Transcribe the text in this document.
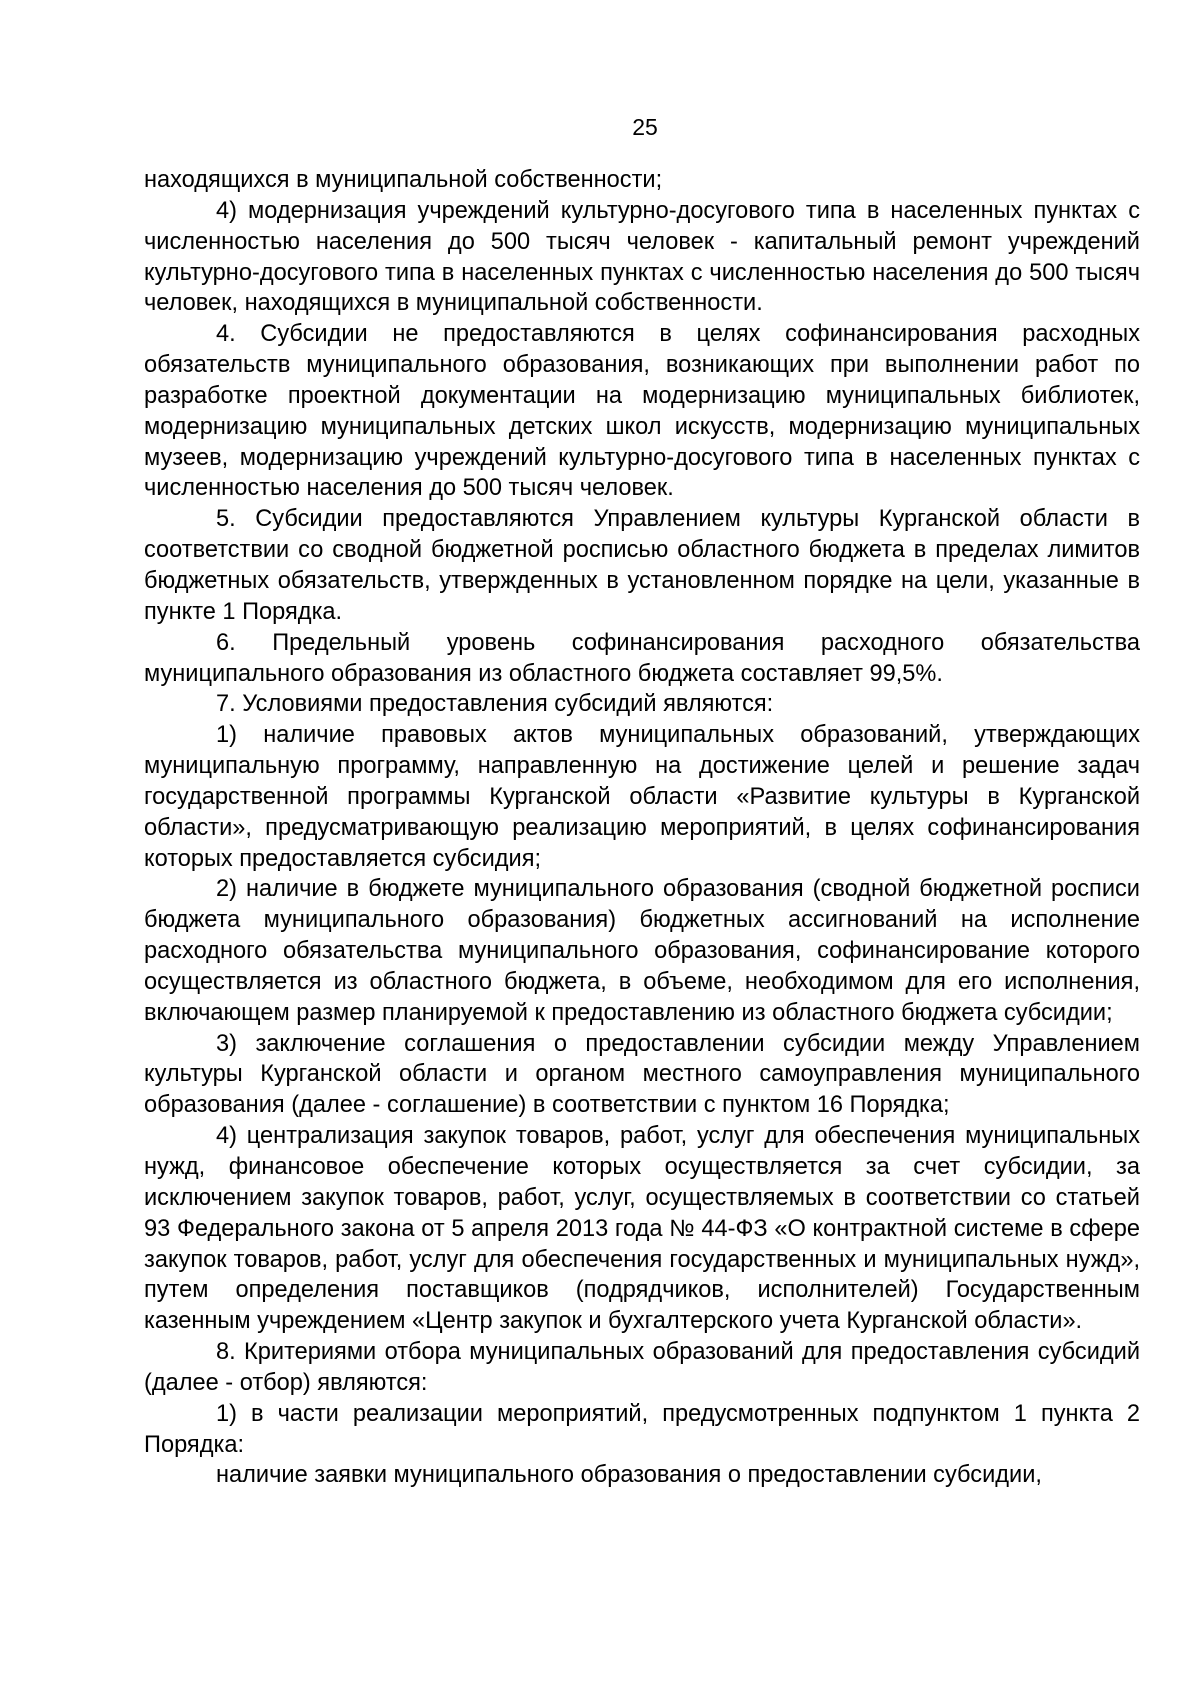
25

находящихся в муниципальной собственности;

4) модернизация учреждений культурно-досугового типа в населенных пунктах с численностью населения до 500 тысяч человек - капитальный ремонт учреждений культурно-досугового типа в населенных пунктах с численностью населения до 500 тысяч человек, находящихся в муниципальной собственности.

4. Субсидии не предоставляются в целях софинансирования расходных обязательств муниципального образования, возникающих при выполнении работ по разработке проектной документации на модернизацию муниципальных библиотек, модернизацию муниципальных детских школ искусств, модернизацию муниципальных музеев, модернизацию учреждений культурно-досугового типа в населенных пунктах с численностью населения до 500 тысяч человек.

5. Субсидии предоставляются Управлением культуры Курганской области в соответствии со сводной бюджетной росписью областного бюджета в пределах лимитов бюджетных обязательств, утвержденных в установленном порядке на цели, указанные в пункте 1 Порядка.

6. Предельный уровень софинансирования расходного обязательства муниципального образования из областного бюджета составляет 99,5%.

7. Условиями предоставления субсидий являются:

1) наличие правовых актов муниципальных образований, утверждающих муниципальную программу, направленную на достижение целей и решение задач государственной программы Курганской области «Развитие культуры в Курганской области», предусматривающую реализацию мероприятий, в целях софинансирования которых предоставляется субсидия;

2) наличие в бюджете муниципального образования (сводной бюджетной росписи бюджета муниципального образования) бюджетных ассигнований на исполнение расходного обязательства муниципального образования, софинансирование которого осуществляется из областного бюджета, в объеме, необходимом для его исполнения, включающем размер планируемой к предоставлению из областного бюджета субсидии;

3) заключение соглашения о предоставлении субсидии между Управлением культуры Курганской области и органом местного самоуправления муниципального образования (далее - соглашение) в соответствии с пунктом 16 Порядка;

4) централизация закупок товаров, работ, услуг для обеспечения муниципальных нужд, финансовое обеспечение которых осуществляется за счет субсидии, за исключением закупок товаров, работ, услуг, осуществляемых в соответствии со статьей 93 Федерального закона от 5 апреля 2013 года № 44-ФЗ «О контрактной системе в сфере закупок товаров, работ, услуг для обеспечения государственных и муниципальных нужд», путем определения поставщиков (подрядчиков, исполнителей) Государственным казенным учреждением «Центр закупок и бухгалтерского учета Курганской области».

8. Критериями отбора муниципальных образований для предоставления субсидий (далее - отбор) являются:

1) в части реализации мероприятий, предусмотренных подпунктом 1 пункта 2 Порядка:

наличие заявки муниципального образования о предоставлении субсидии,
